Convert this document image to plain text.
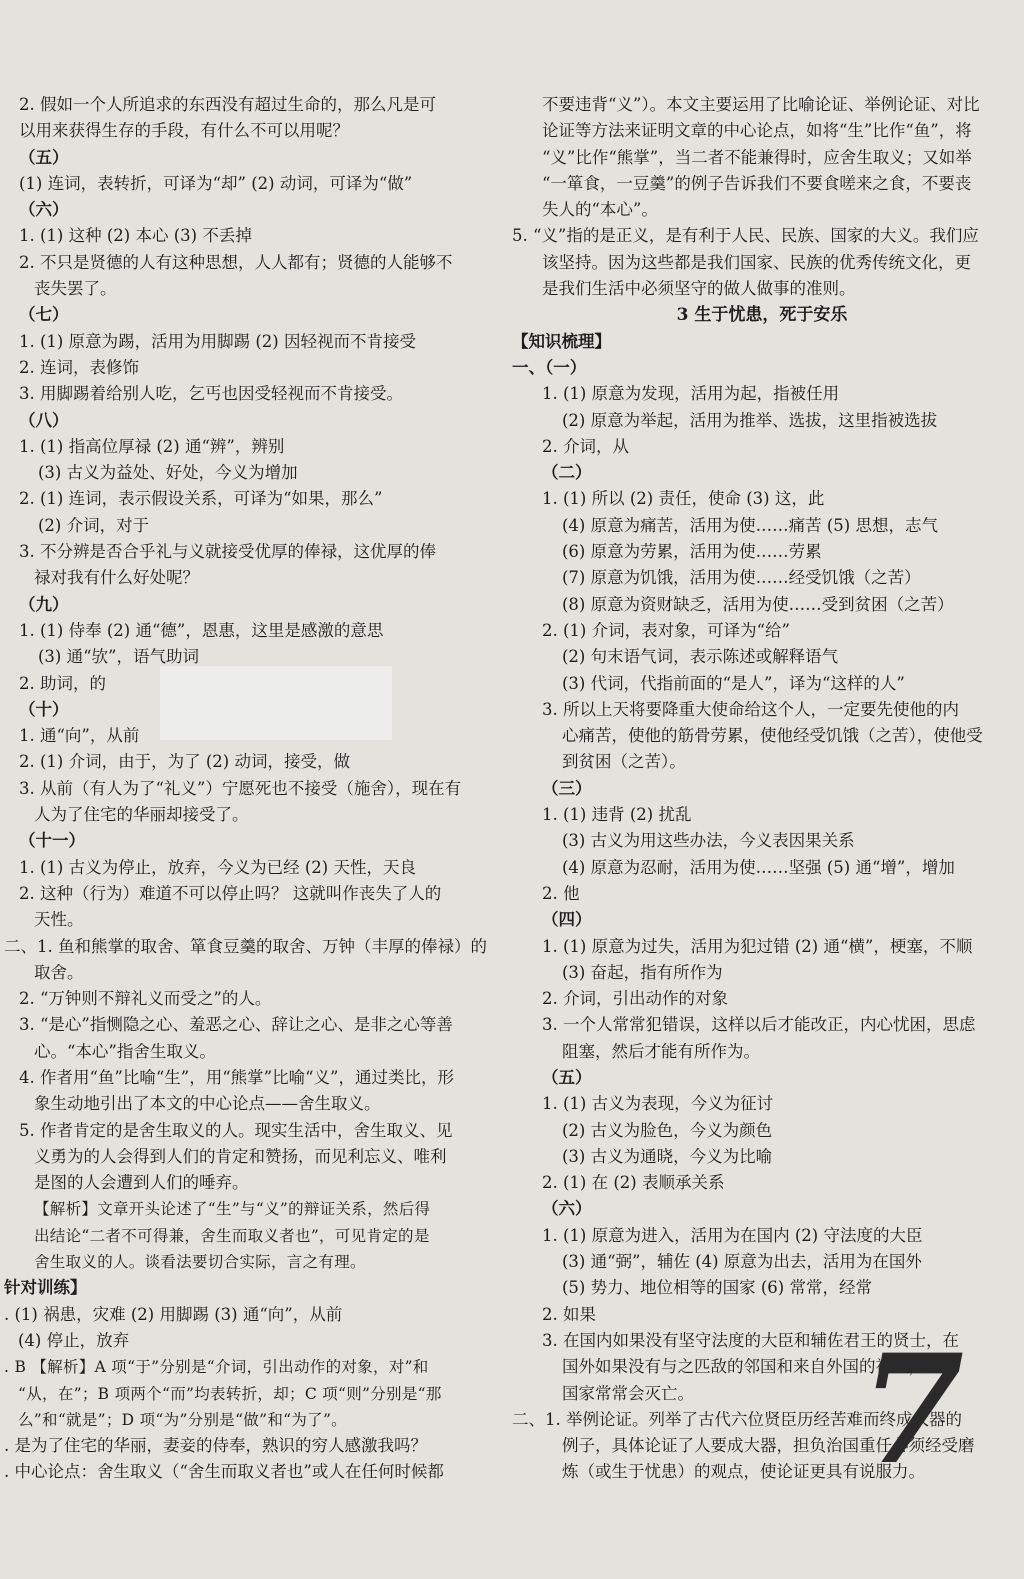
2. 假如一个人所追求的东西没有超过生命的，那么凡是可
以用来获得生存的手段，有什么不可以用呢？
（五）
(1) 连词，表转折，可译为“却” (2) 动词，可译为“做”
（六）
1. (1) 这种 (2) 本心 (3) 不丢掉
2. 不只是贤德的人有这种思想，人人都有；贤德的人能够不
丧失罢了。
（七）
1. (1) 原意为踢，活用为用脚踢 (2) 因轻视而不肯接受
2. 连词，表修饰
3. 用脚踢着给别人吃，乞丐也因受轻视而不肯接受。
（八）
1. (1) 指高位厚禄 (2) 通“辨”，辨别
(3) 古义为益处、好处，今义为增加
2. (1) 连词，表示假设关系，可译为“如果，那么”
(2) 介词，对于
3. 不分辨是否合乎礼与义就接受优厚的俸禄，这优厚的俸
禄对我有什么好处呢？
（九）
1. (1) 侍奉 (2) 通“德”，恩惠，这里是感激的意思
(3) 通“欤”，语气助词
2. 助词，的
（十）
1. 通“向”，从前
2. (1) 介词，由于，为了 (2) 动词，接受，做
3. 从前（有人为了“礼义”）宁愿死也不接受（施舍），现在有
人为了住宅的华丽却接受了。
（十一）
1. (1) 古义为停止，放弃，今义为已经 (2) 天性，天良
2. 这种（行为）难道不可以停止吗？ 这就叫作丧失了人的
天性。
二、1. 鱼和熊掌的取舍、箪食豆羹的取舍、万钟（丰厚的俸禄）的
取舍。
2. “万钟则不辩礼义而受之”的人。
3. “是心”指恻隐之心、羞恶之心、辞让之心、是非之心等善
心。“本心”指舍生取义。
4. 作者用“鱼”比喻“生”，用“熊掌”比喻“义”，通过类比，形
象生动地引出了本文的中心论点——舍生取义。
5. 作者肯定的是舍生取义的人。现实生活中，舍生取义、见
义勇为的人会得到人们的肯定和赞扬，而见利忘义、唯利
是图的人会遭到人们的唾弃。
【解析】文章开头论述了“生”与“义”的辩证关系，然后得
出结论“二者不可得兼，舍生而取义者也”，可见肯定的是
舍生取义的人。谈看法要切合实际，言之有理。
针对训练】
. (1) 祸患，灾难 (2) 用脚踢 (3) 通“向”，从前
(4) 停止，放弃
. B 【解析】A 项“于”分别是“介词，引出动作的对象，对”和
“从，在”；B 项两个“而”均表转折，却；C 项“则”分别是“那
么”和“就是”；D 项“为”分别是“做”和“为了”。
. 是为了住宅的华丽，妻妾的侍奉，熟识的穷人感激我吗？
. 中心论点：舍生取义（“舍生而取义者也”或人在任何时候都
不要违背“义”）。本文主要运用了比喻论证、举例论证、对比
论证等方法来证明文章的中心论点，如将“生”比作“鱼”，将
“义”比作“熊掌”，当二者不能兼得时，应舍生取义；又如举
“一箪食，一豆羹”的例子告诉我们不要食嗟来之食，不要丧
失人的“本心”。
5. “义”指的是正义，是有利于人民、民族、国家的大义。我们应
该坚持。因为这些都是我们国家、民族的优秀传统文化，更
是我们生活中必须坚守的做人做事的准则。
3 生于忧患，死于安乐
【知识梳理】
一、（一）
1. (1) 原意为发现，活用为起，指被任用
(2) 原意为举起，活用为推举、选拔，这里指被选拔
2. 介词，从
（二）
1. (1) 所以 (2) 责任，使命 (3) 这，此
(4) 原意为痛苦，活用为使……痛苦 (5) 思想，志气
(6) 原意为劳累，活用为使……劳累
(7) 原意为饥饿，活用为使……经受饥饿（之苦）
(8) 原意为资财缺乏，活用为使……受到贫困（之苦）
2. (1) 介词，表对象，可译为“给”
(2) 句末语气词，表示陈述或解释语气
(3) 代词，代指前面的“是人”，译为“这样的人”
3. 所以上天将要降重大使命给这个人，一定要先使他的内
心痛苦，使他的筋骨劳累，使他经受饥饿（之苦），使他受
到贫困（之苦）。
（三）
1. (1) 违背 (2) 扰乱
(3) 古义为用这些办法，今义表因果关系
(4) 原意为忍耐，活用为使……坚强 (5) 通“增”，增加
2. 他
（四）
1. (1) 原意为过失，活用为犯过错 (2) 通“横”，梗塞，不顺
(3) 奋起，指有所作为
2. 介词，引出动作的对象
3. 一个人常常犯错误，这样以后才能改正，内心忧困，思虑
阻塞，然后才能有所作为。
（五）
1. (1) 古义为表现，今义为征讨
(2) 古义为脸色，今义为颜色
(3) 古义为通晓，今义为比喻
2. (1) 在 (2) 表顺承关系
（六）
1. (1) 原意为进入，活用为在国内 (2) 守法度的大臣
(3) 通“弼”，辅佐 (4) 原意为出去，活用为在国外
(5) 势力、地位相等的国家 (6) 常常，经常
2. 如果
3. 在国内如果没有坚守法度的大臣和辅佐君王的贤士，在
国外如果没有与之匹敌的邻国和来自外国的祸患，这个
国家常常会灭亡。
二、1. 举例论证。列举了古代六位贤臣历经苦难而终成大器的
例子，具体论证了人要成大器，担负治国重任必须经受磨
炼（或生于忧患）的观点，使论证更具有说服力。
7
